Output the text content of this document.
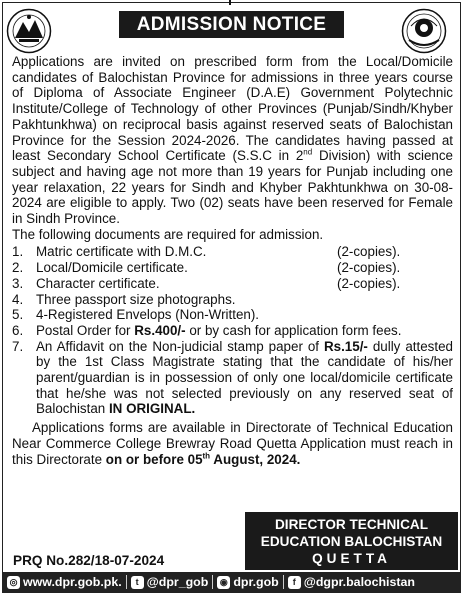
ADMISSION NOTICE

Applications are invited on prescribed form from the Local/Domicile candidates of Balochistan Province for admissions in three years course of Diploma of Associate Engineer (D.A.E) Government Polytechnic Institute/College of Technology of other Provinces (Punjab/Sindh/Khyber Pakhtunkhwa) on reciprocal basis against reserved seats of Balochistan Province for the Session 2024-2026. The candidates having passed at least Secondary School Certificate (S.S.C in 2nd Division) with science subject and having age not more than 19 years for Punjab including one year relaxation, 22 years for Sindh and Khyber Pakhtunkhwa on 30-08-2024 are eligible to apply. Two (02) seats have been reserved for Female in Sindh Province.

The following documents are required for admission.

1. Matric certificate with D.M.C.	(2-copies).
2. Local/Domicile certificate.	(2-copies).
3. Character certificate.	(2-copies).
4. Three passport size photographs.
5. 4-Registered Envelops (Non-Written).
6. Postal Order for Rs.400/- or by cash for application form fees.
7. An Affidavit on the Non-judicial stamp paper of Rs.15/- dully attested by the 1st Class Magistrate stating that the candidate of his/her parent/guardian is in possession of only one local/domicile certificate that he/she was not selected previously on any reserved seat of Balochistan IN ORIGINAL.

Applications forms are available in Directorate of Technical Education Near Commerce College Brewray Road Quetta Application must reach in this Directorate on or before 05th August, 2024.

DIRECTOR TECHNICAL
EDUCATION BALOCHISTAN
QUETTA
PRQ No.282/18-07-2024
◎ www.dpr.gob.pk.	t @dpr_gob ◉ dpr.gob	f @dgpr.balochistan
